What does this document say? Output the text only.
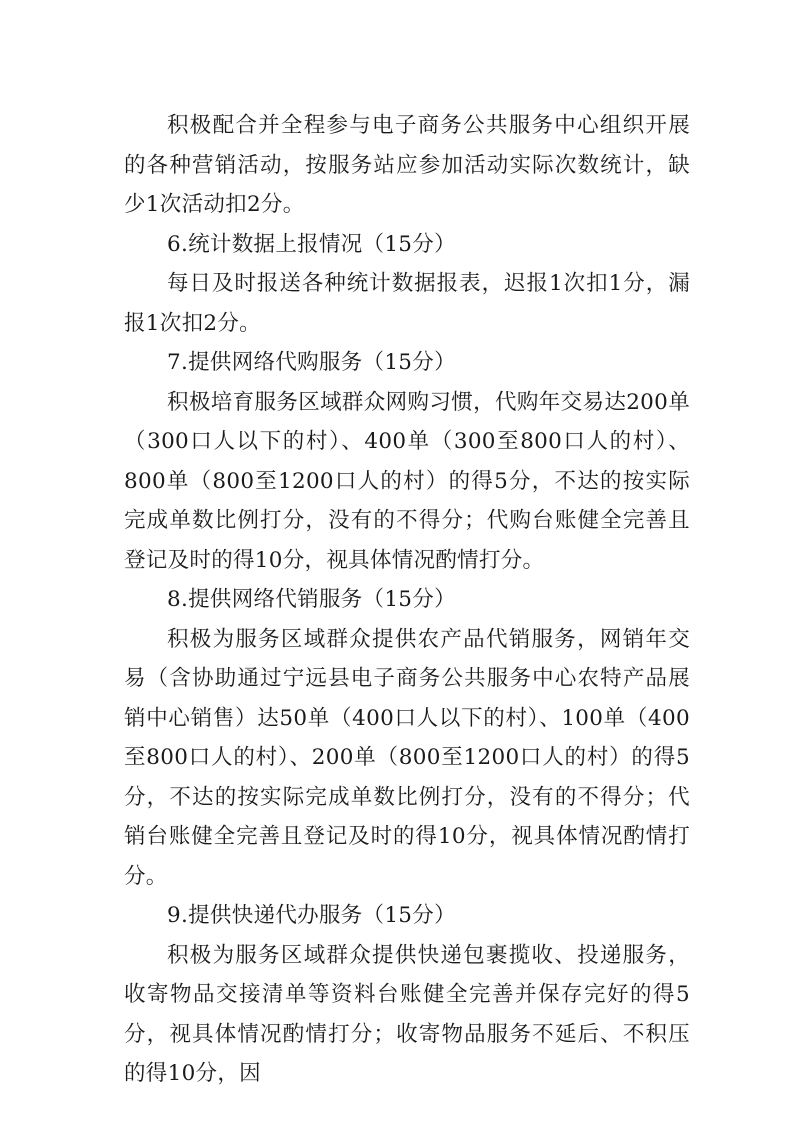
积极配合并全程参与电子商务公共服务中心组织开展的各种营销活动，按服务站应参加活动实际次数统计，缺少1次活动扣2分。

6.统计数据上报情况（15分）

每日及时报送各种统计数据报表，迟报1次扣1分，漏报1次扣2分。

7.提供网络代购服务（15分）

积极培育服务区域群众网购习惯，代购年交易达200单（300口人以下的村）、400单（300至800口人的村）、800单（800至1200口人的村）的得5分，不达的按实际完成单数比例打分，没有的不得分；代购台账健全完善且登记及时的得10分，视具体情况酌情打分。

8.提供网络代销服务（15分）

积极为服务区域群众提供农产品代销服务，网销年交易（含协助通过宁远县电子商务公共服务中心农特产品展销中心销售）达50单（400口人以下的村）、100单（400至800口人的村）、200单（800至1200口人的村）的得5分，不达的按实际完成单数比例打分，没有的不得分；代销台账健全完善且登记及时的得10分，视具体情况酌情打分。

9.提供快递代办服务（15分）

积极为服务区域群众提供快递包裹揽收、投递服务，收寄物品交接清单等资料台账健全完善并保存完好的得5分，视具体情况酌情打分；收寄物品服务不延后、不积压的得10分，因
